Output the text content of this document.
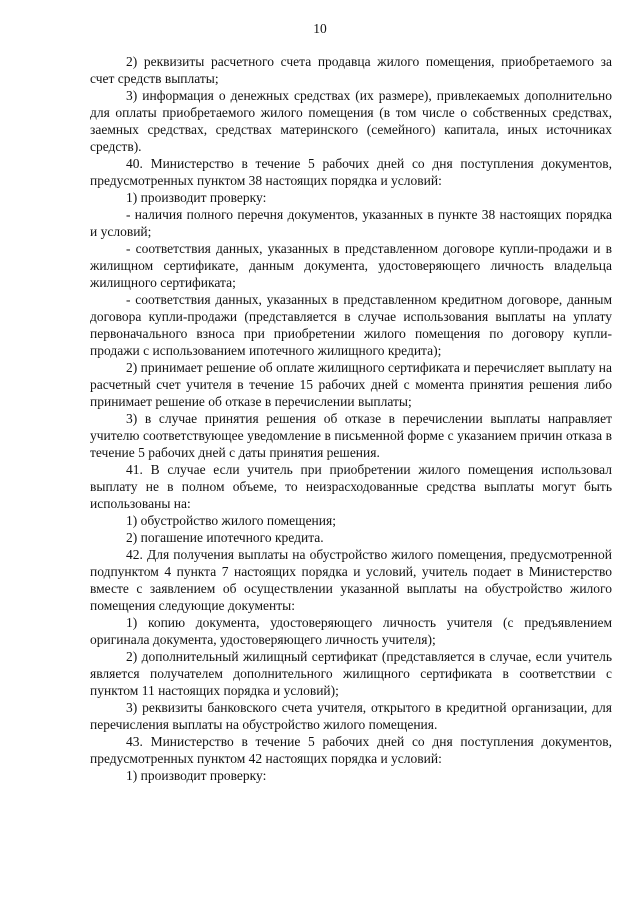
10

2) реквизиты расчетного счета продавца жилого помещения, приобретаемого за счет средств выплаты;

3) информация о денежных средствах (их размере), привлекаемых дополнительно для оплаты приобретаемого жилого помещения (в том числе о собственных средствах, заемных средствах, средствах материнского (семейного) капитала, иных источниках средств).

40. Министерство в течение 5 рабочих дней со дня поступления документов, предусмотренных пунктом 38 настоящих порядка и условий:

1) производит проверку:

- наличия полного перечня документов, указанных в пункте 38 настоящих порядка и условий;

- соответствия данных, указанных в представленном договоре купли-продажи и в жилищном сертификате, данным документа, удостоверяющего личность владельца жилищного сертификата;

- соответствия данных, указанных в представленном кредитном договоре, данным договора купли-продажи (представляется в случае использования выплаты на уплату первоначального взноса при приобретении жилого помещения по договору купли-продажи с использованием ипотечного жилищного кредита);

2) принимает решение об оплате жилищного сертификата и перечисляет выплату на расчетный счет учителя в течение 15 рабочих дней с момента принятия решения либо принимает решение об отказе в перечислении выплаты;

3) в случае принятия решения об отказе в перечислении выплаты направляет учителю соответствующее уведомление в письменной форме с указанием причин отказа в течение 5 рабочих дней с даты принятия решения.

41. В случае если учитель при приобретении жилого помещения использовал выплату не в полном объеме, то неизрасходованные средства выплаты могут быть использованы на:

1) обустройство жилого помещения;

2) погашение ипотечного кредита.

42. Для получения выплаты на обустройство жилого помещения, предусмотренной подпунктом 4 пункта 7 настоящих порядка и условий, учитель подает в Министерство вместе с заявлением об осуществлении указанной выплаты на обустройство жилого помещения следующие документы:

1) копию документа, удостоверяющего личность учителя (с предъявлением оригинала документа, удостоверяющего личность учителя);

2) дополнительный жилищный сертификат (представляется в случае, если учитель является получателем дополнительного жилищного сертификата в соответствии с пунктом 11 настоящих порядка и условий);

3) реквизиты банковского счета учителя, открытого в кредитной организации, для перечисления выплаты на обустройство жилого помещения.

43. Министерство в течение 5 рабочих дней со дня поступления документов, предусмотренных пунктом 42 настоящих порядка и условий:

1) производит проверку:
